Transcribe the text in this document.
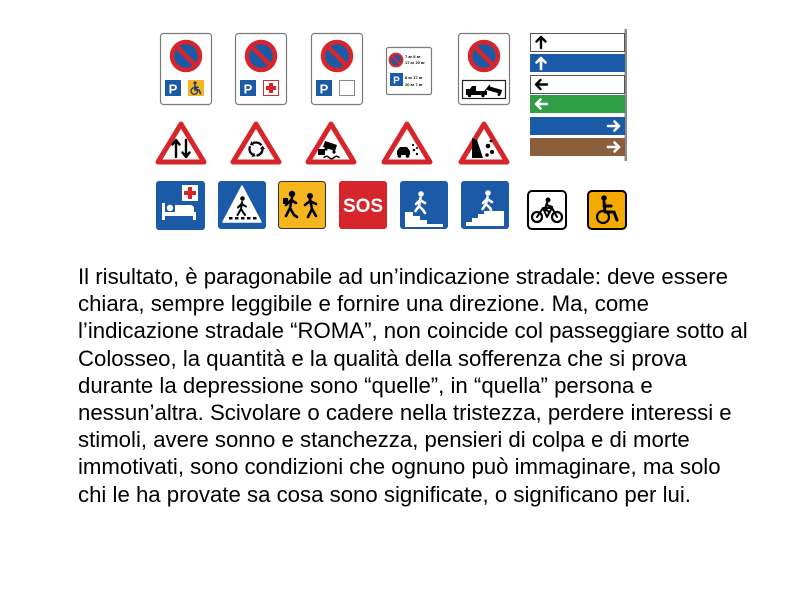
P	P	P
7 ar 8 ar
17 ar 20 ar
P 8 ar 17 ar
20 ar 7 ar
SOS
Il risultato, è paragonabile ad un’indicazione stradale: deve essere
chiara, sempre leggibile e fornire una direzione. Ma, come
l’indicazione stradale “ROMA”, non coincide col passeggiare sotto al
Colosseo, la quantità e la qualità della sofferenza che si prova
durante la depressione sono “quelle”, in “quella” persona e
nessun’altra. Scivolare o cadere nella tristezza, perdere interessi e
stimoli, avere sonno e stanchezza, pensieri di colpa e di morte
immotivati, sono condizioni che ognuno può immaginare, ma solo
chi le ha provate sa cosa sono significate, o significano per lui.
